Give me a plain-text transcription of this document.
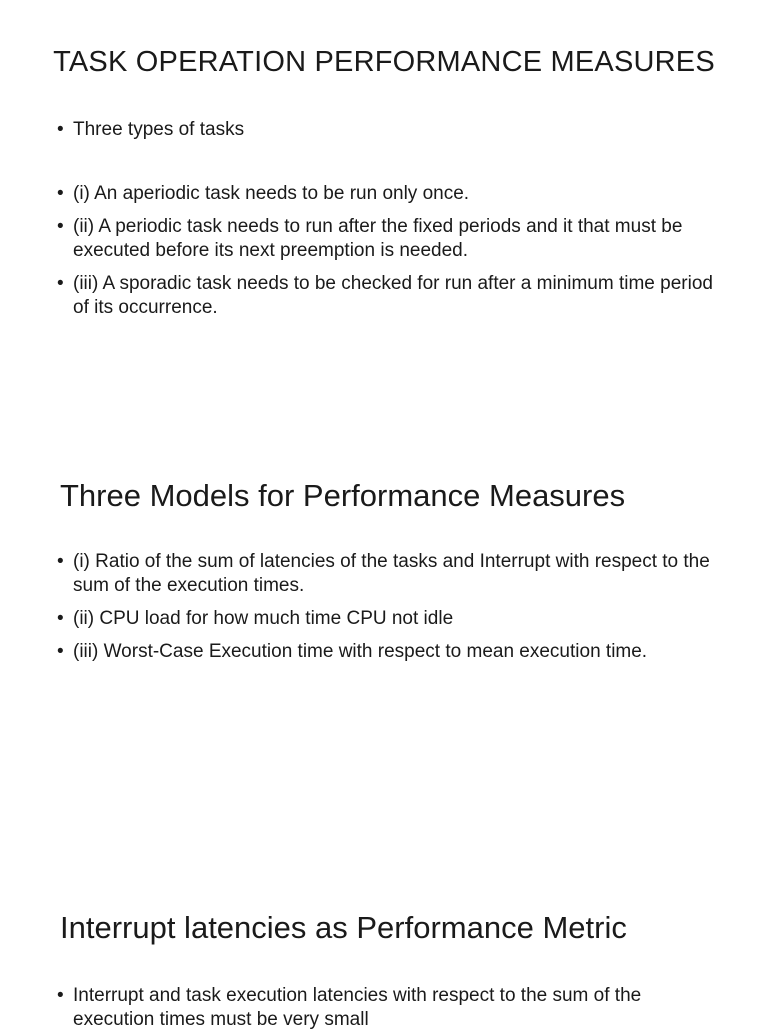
TASK OPERATION PERFORMANCE MEASURES
• Three types of tasks
• (i) An aperiodic task needs to be run only once.
• (ii) A periodic task needs to run after the fixed periods and it that must be executed before its next preemption is needed.
• (iii) A sporadic task needs to be checked for run after a minimum time period of its occurrence.
Three Models for Performance Measures
• (i) Ratio of the sum of latencies of the tasks and Interrupt with respect to the sum of the execution times.
• (ii) CPU load for how much time CPU not idle
• (iii) Worst-Case Execution time with respect to mean execution time.
Interrupt latencies as Performance Metric
• Interrupt and task execution latencies with respect to the sum of the execution times must be very small
